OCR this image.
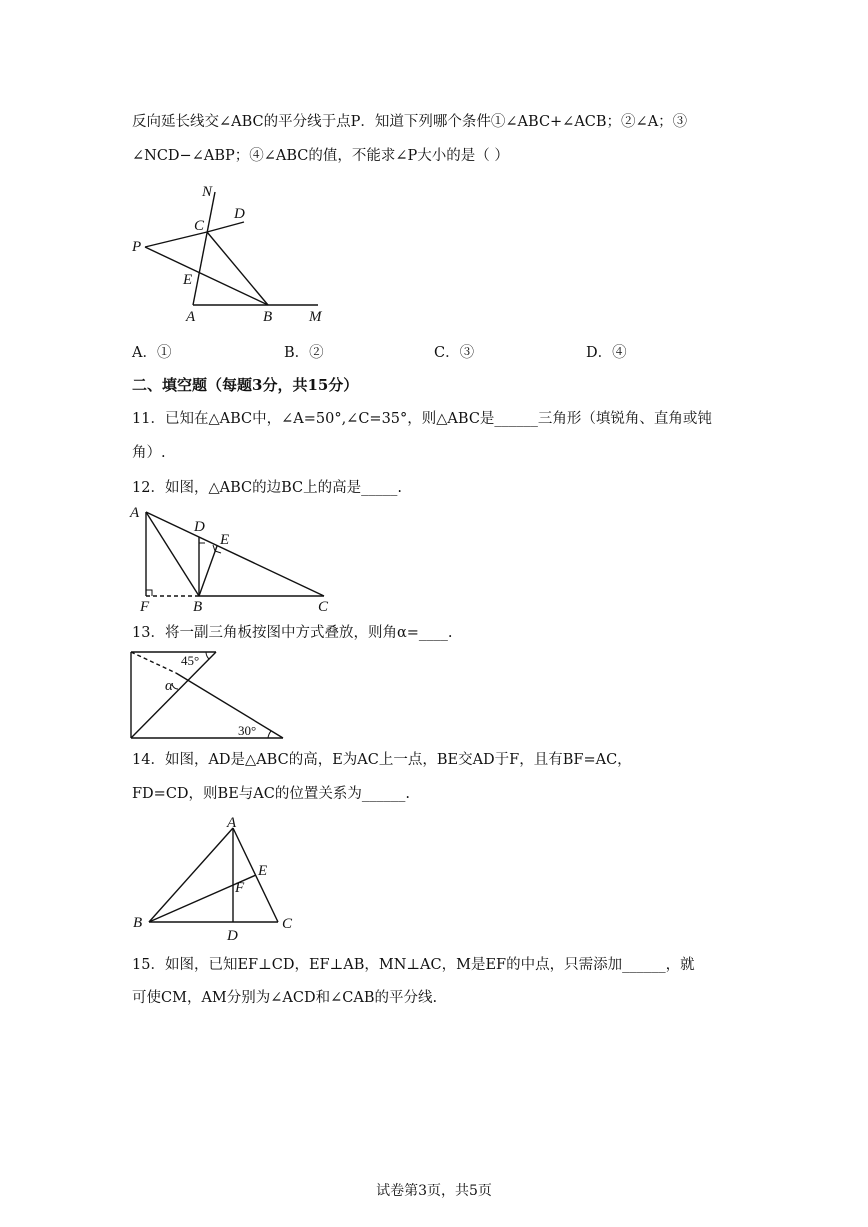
反向延长线交∠ABC的平分线于点P．知道下列哪个条件①∠ABC+∠ACB；②∠A；③
∠NCD−∠ABP；④∠ABC的值，不能求∠P大小的是（ ）
N
C
D
P
E
A	B M
A．①	B．②	C．③	D．④
二、填空题（每题3分，共15分）
11．已知在△ABC中，∠A=50°,∠C=35°，则△ABC是______三角形（填锐角、直角或钝
角）.
12．如图，△ABC的边BC上的高是_____.
A
D
E
F	B	C
13．将一副三角板按图中方式叠放，则角α=____.
45°
α
30°
14．如图，AD是△ABC的高，E为AC上一点，BE交AD于F，且有BF=AC，
FD=CD，则BE与AC的位置关系为______.
A
E
F
B
D
C
15．如图，已知EF⊥CD，EF⊥AB，MN⊥AC，M是EF的中点，只需添加______，就
可使CM，AM分别为∠ACD和∠CAB的平分线.
试卷第3页，共5页
